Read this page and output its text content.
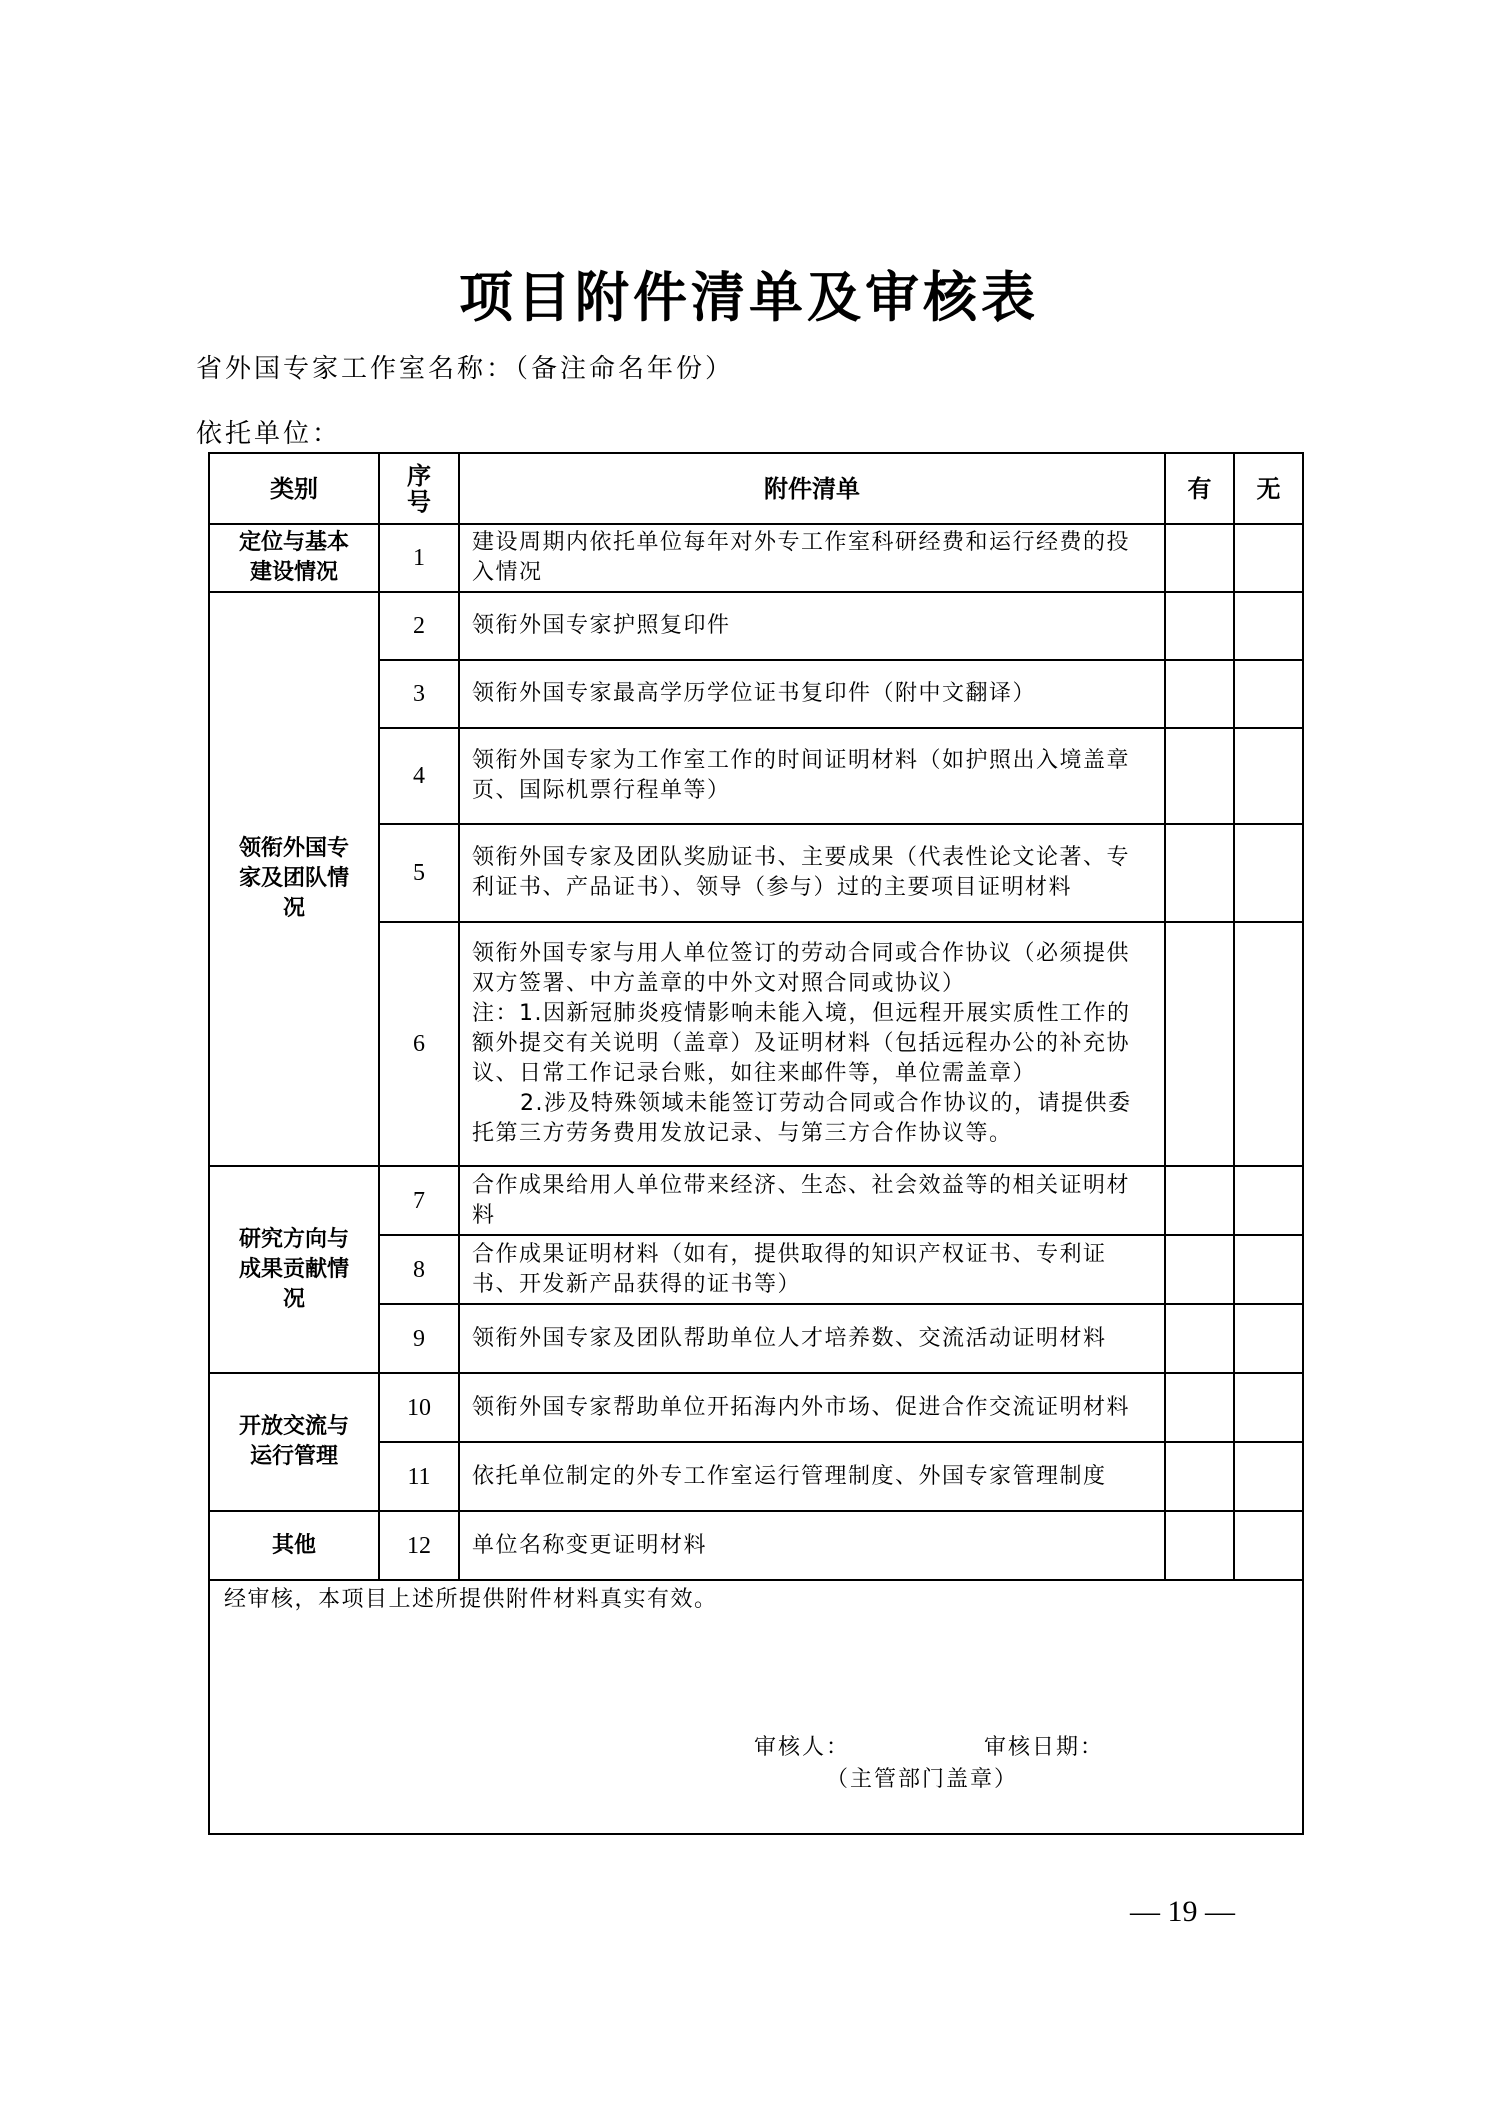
项目附件清单及审核表
省外国专家工作室名称：（备注命名年份）
依托单位：
类别	序号	附件清单	有	无
定位与基本建设情况	1	建设周期内依托单位每年对外专工作室科研经费和运行经费的投入情况		
领衔外国专家及团队情况	2	领衔外国专家护照复印件		
	3	领衔外国专家最高学历学位证书复印件（附中文翻译）		
	4	领衔外国专家为工作室工作的时间证明材料（如护照出入境盖章页、国际机票行程单等）		
	5	领衔外国专家及团队奖励证书、主要成果（代表性论文论著、专利证书、产品证书）、领导（参与）过的主要项目证明材料		
	6	领衔外国专家与用人单位签订的劳动合同或合作协议（必须提供双方签署、中方盖章的中外文对照合同或协议）
注：1.因新冠肺炎疫情影响未能入境，但远程开展实质性工作的额外提交有关说明（盖章）及证明材料（包括远程办公的补充协议、日常工作记录台账，如往来邮件等，单位需盖章）
2.涉及特殊领域未能签订劳动合同或合作协议的，请提供委托第三方劳务费用发放记录、与第三方合作协议等。		

研究方向与成果贡献情况	7	合作成果给用人单位带来经济、生态、社会效益等的相关证明材料		
	8	合作成果证明材料（如有，提供取得的知识产权证书、专利证书、开发新产品获得的证书等）		
	9	领衔外国专家及团队帮助单位人才培养数、交流活动证明材料		
开放交流与运行管理	10	领衔外国专家帮助单位开拓海内外市场、促进合作交流证明材料		
	11	依托单位制定的外专工作室运行管理制度、外国专家管理制度		
其他	12	单位名称变更证明材料		

经审核，本项目上述所提供附件材料真实有效。
审核人： 审核日期：
（主管部门盖章）				
— 19 —
